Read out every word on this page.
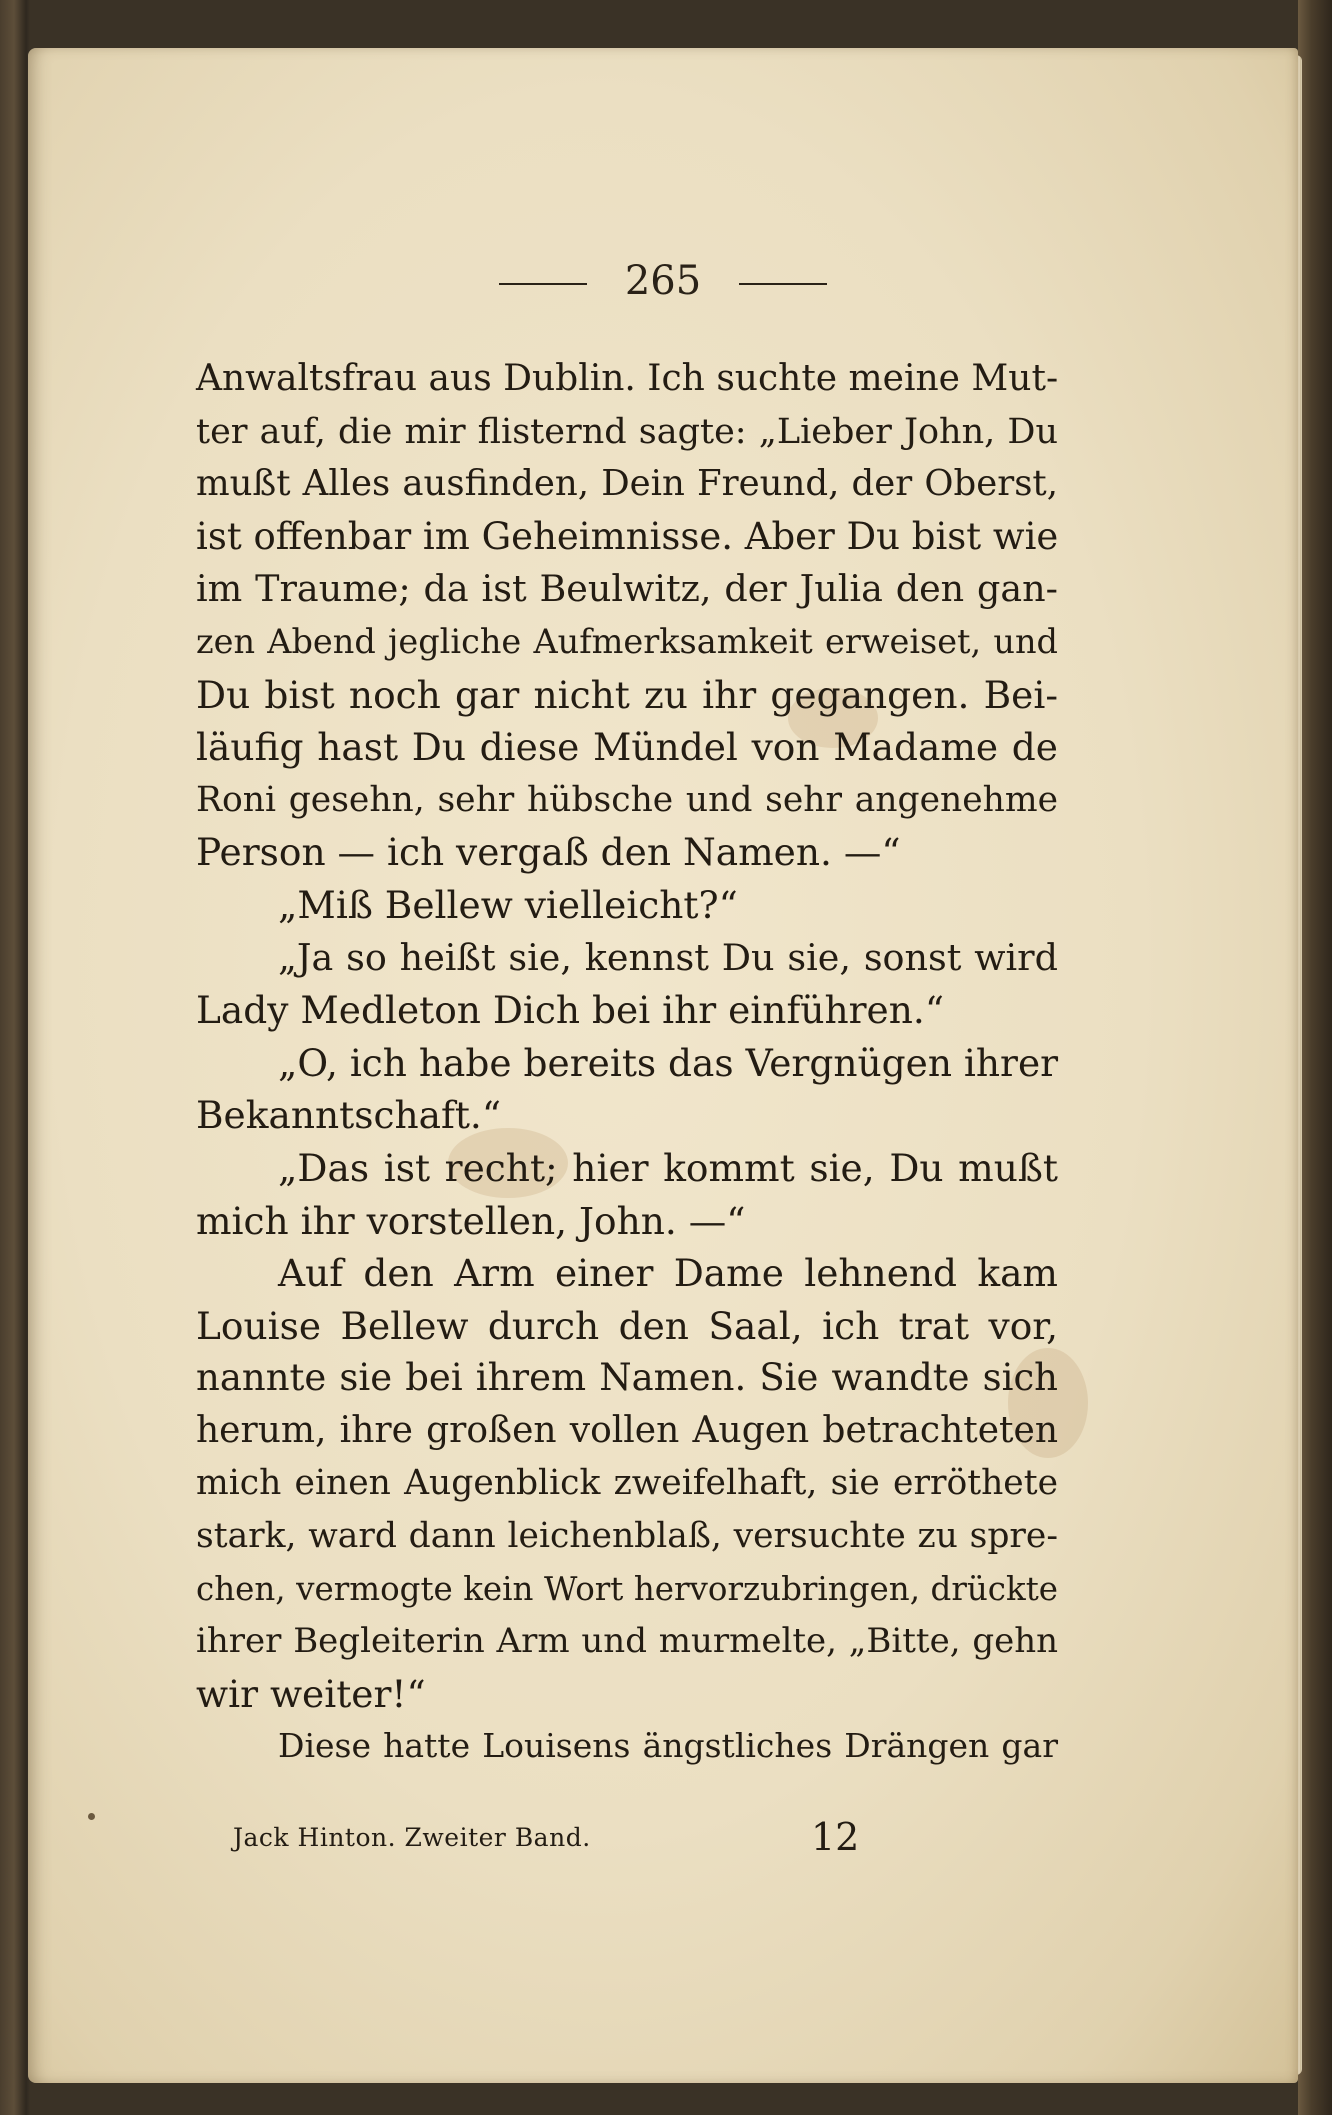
265
Anwaltsfrau aus Dublin. Ich suchte meine Mut-
ter auf, die mir flisternd sagte: „Lieber John, Du
mußt Alles ausfinden, Dein Freund, der Oberst,
ist offenbar im Geheimnisse. Aber Du bist wie
im Traume; da ist Beulwitz, der Julia den gan-
zen Abend jegliche Aufmerksamkeit erweiset, und
Du bist noch gar nicht zu ihr gegangen. Bei-
läufig hast Du diese Mündel von Madame de
Roni gesehn, sehr hübsche und sehr angenehme
Person — ich vergaß den Namen. —“
„Miß Bellew vielleicht?“
„Ja so heißt sie, kennst Du sie, sonst wird
Lady Medleton Dich bei ihr einführen.“
„O, ich habe bereits das Vergnügen ihrer
Bekanntschaft.“
„Das ist recht; hier kommt sie, Du mußt
mich ihr vorstellen, John. —“
Auf den Arm einer Dame lehnend kam
Louise Bellew durch den Saal, ich trat vor,
nannte sie bei ihrem Namen. Sie wandte sich
herum, ihre großen vollen Augen betrachteten
mich einen Augenblick zweifelhaft, sie erröthete
stark, ward dann leichenblaß, versuchte zu spre-
chen, vermogte kein Wort hervorzubringen, drückte
ihrer Begleiterin Arm und murmelte, „Bitte, gehn
wir weiter!“
Diese hatte Louisens ängstliches Drängen gar
Jack Hinton. Zweiter Band.	12
